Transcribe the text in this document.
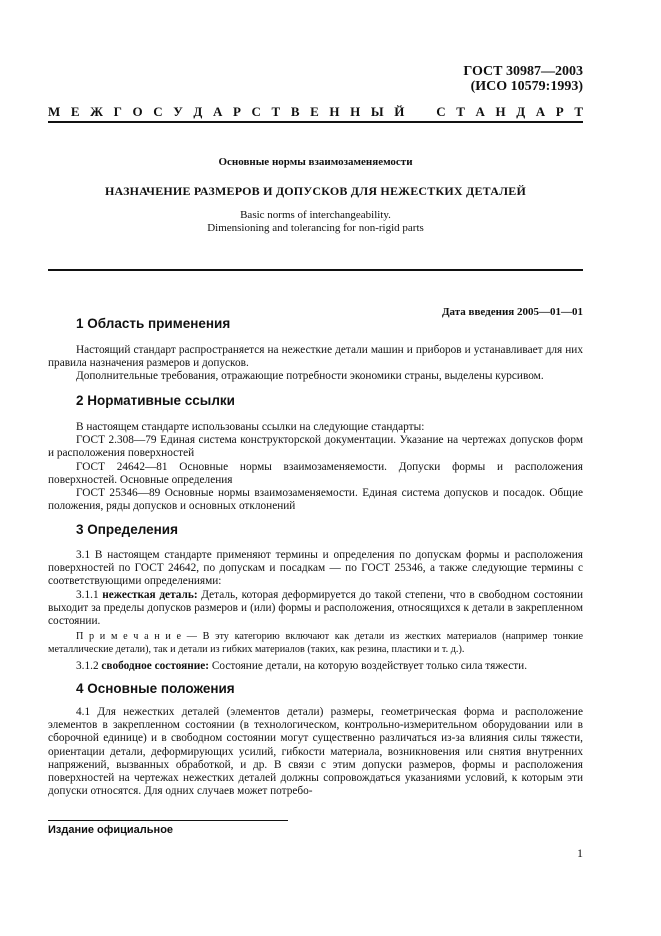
ГОСТ 30987—2003
(ИСО 10579:1993)
М Е Ж Г О С У Д А Р С Т В Е Н Н Ы Й С Т А Н Д А Р Т
Основные нормы взаимозаменяемости
НАЗНАЧЕНИЕ РАЗМЕРОВ И ДОПУСКОВ ДЛЯ НЕЖЕСТКИХ ДЕТАЛЕЙ
Basic norms of interchangeability.
Dimensioning and tolerancing for non-rigid parts
Дата введения 2005—01—01
1 Область применения

Настоящий стандарт распространяется на нежесткие детали машин и приборов и устанавливает для них правила назначения размеров и допусков.

Дополнительные требования, отражающие потребности экономики страны, выделены курсивом.

2 Нормативные ссылки

В настоящем стандарте использованы ссылки на следующие стандарты:

ГОСТ 2.308—79 Единая система конструкторской документации. Указание на чертежах допусков форм и расположения поверхностей

ГОСТ 24642—81 Основные нормы взаимозаменяемости. Допуски формы и расположения поверхностей. Основные определения

ГОСТ 25346—89 Основные нормы взаимозаменяемости. Единая система допусков и посадок. Общие положения, ряды допусков и основных отклонений

3 Определения

3.1 В настоящем стандарте применяют термины и определения по допускам формы и расположения поверхностей по ГОСТ 24642, по допускам и посадкам — по ГОСТ 25346, а также следующие термины с соответствующими определениями:

3.1.1 нежесткая деталь: Деталь, которая деформируется до такой степени, что в свободном состоянии выходит за пределы допусков размеров и (или) формы и расположения, относящихся к детали в закрепленном состоянии.

П р и м е ч а н и е — В эту категорию включают как детали из жестких материалов (например тонкие металлические детали), так и детали из гибких материалов (таких, как резина, пластики и т. д.).

3.1.2 свободное состояние: Состояние детали, на которую воздействует только сила тяжести.

4 Основные положения

4.1 Для нежестких деталей (элементов детали) размеры, геометрическая форма и расположение элементов в закрепленном состоянии (в технологическом, контрольно-измерительном оборудовании или в сборочной единице) и в свободном состоянии могут существенно различаться из-за влияния силы тяжести, ориентации детали, деформирующих усилий, гибкости материала, возникновения или снятия внутренних напряжений, вызванных обработкой, и др. В связи с этим допуски размеров, формы и расположения поверхностей на чертежах нежестких деталей должны сопровождаться указаниями условий, к которым эти допуски относятся. Для одних случаев может потребо-

Издание официальное
1
